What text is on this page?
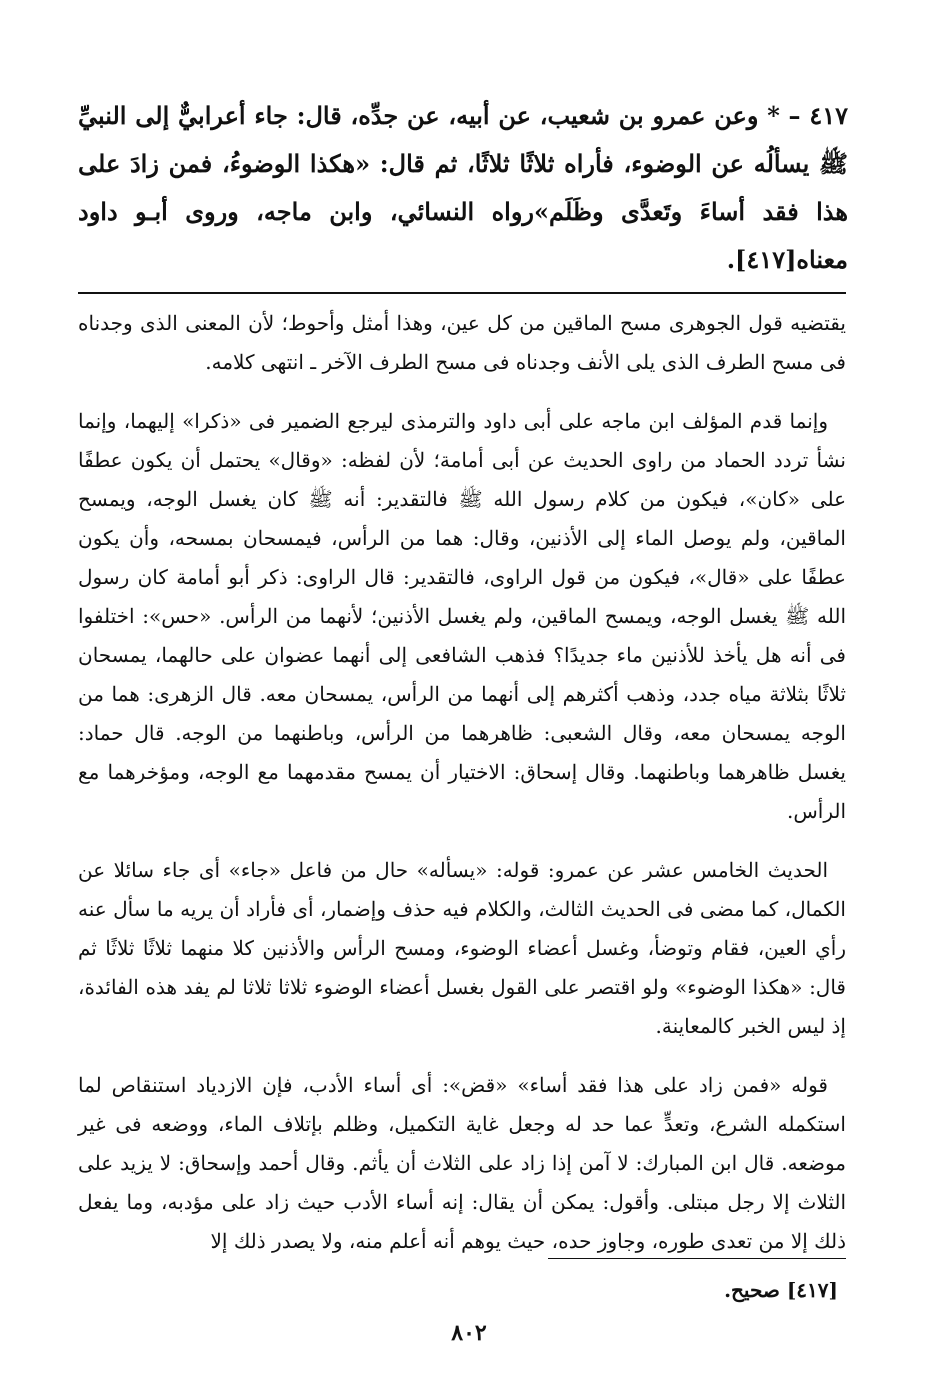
٤١٧ – * وعن عمرو بن شعيب، عن أبيه، عن جدِّه، قال: جاء أعرابيٌّ إلى النبيِّ ﷺ يسألُه عن الوضوء، فأراه ثلاثًا ثلاثًا، ثم قال: «هكذا الوضوءُ، فمن زادَ على هذا فقد أساءَ وتَعدَّى وظَلَم»رواه النسائي، وابن ماجه، وروى أبـو داود معناه[٤١٧].

يقتضيه قول الجوهرى مسح الماقين من كل عين، وهذا أمثل وأحوط؛ لأن المعنى الذى وجدناه فى مسح الطرف الذى يلى الأنف وجدناه فى مسح الطرف الآخر ـ انتهى كلامه.

وإنما قدم المؤلف ابن ماجه على أبى داود والترمذى ليرجع الضمير فى «ذكرا» إليهما، وإنما نشأ تردد الحماد من راوى الحديث عن أبى أمامة؛ لأن لفظه: «وقال» يحتمل أن يكون عطفًا على «كان»، فيكون من كلام رسول الله ﷺ فالتقدير: أنه ﷺ كان يغسل الوجه، ويمسح الماقين، ولم يوصل الماء إلى الأذنين، وقال: هما من الرأس، فيمسحان بمسحه، وأن يكون عطفًا على «قال»، فيكون من قول الراوى، فالتقدير: قال الراوى: ذكر أبو أمامة كان رسول الله ﷺ يغسل الوجه، ويمسح الماقين، ولم يغسل الأذنين؛ لأنهما من الرأس. «حس»: اختلفوا فى أنه هل يأخذ للأذنين ماء جديدًا؟ فذهب الشافعى إلى أنهما عضوان على حالهما، يمسحان ثلاثًا بثلاثة مياه جدد، وذهب أكثرهم إلى أنهما من الرأس، يمسحان معه. قال الزهرى: هما من الوجه يمسحان معه، وقال الشعبى: ظاهرهما من الرأس، وباطنهما من الوجه. قال حماد: يغسل ظاهرهما وباطنهما. وقال إسحاق: الاختيار أن يمسح مقدمهما مع الوجه، ومؤخرهما مع الرأس.

الحديث الخامس عشر عن عمرو: قوله: «يسأله» حال من فاعل «جاء» أى جاء سائلا عن الكمال، كما مضى فى الحديث الثالث، والكلام فيه حذف وإضمار، أى فأراد أن يريه ما سأل عنه رأي العين، فقام وتوضأ، وغسل أعضاء الوضوء، ومسح الرأس والأذنين كلا منهما ثلاثًا ثلاثًا ثم قال: «هكذا الوضوء» ولو اقتصر على القول بغسل أعضاء الوضوء ثلاثا ثلاثا لم يفد هذه الفائدة، إذ ليس الخبر كالمعاينة.

قوله «فمن زاد على هذا فقد أساء» «قض»: أى أساء الأدب، فإن الازدياد استنقاص لما استكمله الشرع، وتعدٍّ عما حد له وجعل غاية التكميل، وظلم بإتلاف الماء، ووضعه فى غير موضعه. قال ابن المبارك: لا آمن إذا زاد على الثلاث أن يأثم. وقال أحمد وإسحاق: لا يزيد على الثلاث إلا رجل مبتلى. وأقول: يمكن أن يقال: إنه أساء الأدب حيث زاد على مؤدبه، وما يفعل ذلك إلا من تعدى طوره، وجاوز حده، حيث يوهم أنه أعلم منه، ولا يصدر ذلك إلا

[٤١٧] صحيح.
٨٠٢
